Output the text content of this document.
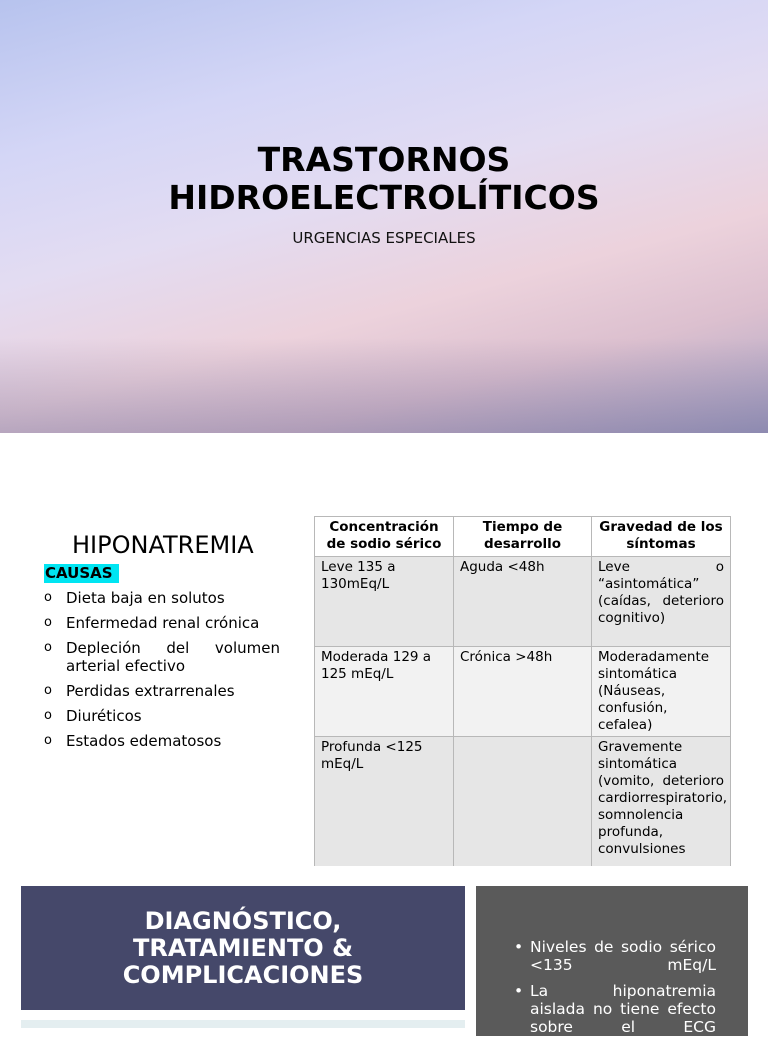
TRASTORNOS
HIDROELECTROLÍTICOS
URGENCIAS ESPECIALES
HIPONATREMIA
CAUSAS
o Dieta baja en solutos
o Enfermedad renal crónica
o Depleción del volumen arterial efectivo
o Perdidas extrarrenales
o Diuréticos
o Estados edematosos
Concentración de sodio sérico	Tiempo de desarrollo	Gravedad de los síntomas
Leve 135 a 130mEq/L	Aguda <48h	Leve o “asintomática” (caídas, deterioro cognitivo)
Moderada 129 a 125 mEq/L	Crónica >48h	Moderadamente sintomática (Náuseas, confusión, cefalea)
Profunda <125 mEq/L		Gravemente sintomática (vomito, deterioro cardiorrespiratorio, somnolencia profunda, convulsiones
DIAGNÓSTICO, TRATAMIENTO & COMPLICACIONES
• Niveles de sodio sérico <135 mEq/L
• La hiponatremia aislada no tiene efecto sobre el ECG
